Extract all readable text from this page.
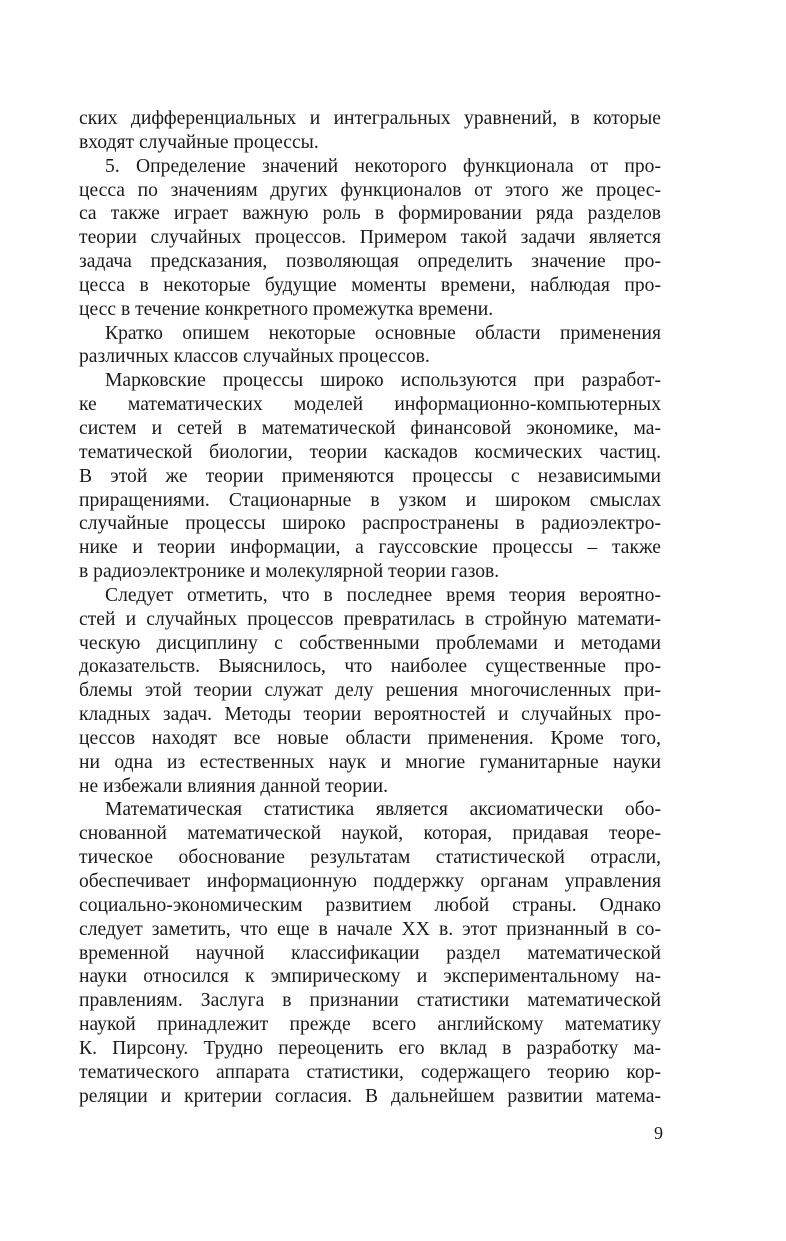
ских дифференциальных и интегральных уравнений, в которые
входят случайные процессы.
5. Определение значений некоторого функционала от про-
цесса по значениям других функционалов от этого же процес-
са также играет важную роль в формировании ряда разделов
теории случайных процессов. Примером такой задачи является
задача предсказания, позволяющая определить значение про-
цесса в некоторые будущие моменты времени, наблюдая про-
цесс в течение конкретного промежутка времени.
Кратко опишем некоторые основные области применения
различных классов случайных процессов.
Марковские процессы широко используются при разработ-
ке математических моделей информационно-компьютерных
систем и сетей в математической финансовой экономике, ма-
тематической биологии, теории каскадов космических частиц.
В этой же теории применяются процессы с независимыми
приращениями. Стационарные в узком и широком смыслах
случайные процессы широко распространены в радиоэлектро-
нике и теории информации, а гауссовские процессы – также
в радиоэлектронике и молекулярной теории газов.
Следует отметить, что в последнее время теория вероятно-
стей и случайных процессов превратилась в стройную математи-
ческую дисциплину с собственными проблемами и методами
доказательств. Выяснилось, что наиболее существенные про-
блемы этой теории служат делу решения многочисленных при-
кладных задач. Методы теории вероятностей и случайных про-
цессов находят все новые области применения. Кроме того,
ни одна из естественных наук и многие гуманитарные науки
не избежали влияния данной теории.
Математическая статистика является аксиоматически обо-
снованной математической наукой, которая, придавая теоре-
тическое обоснование результатам статистической отрасли,
обеспечивает информационную поддержку органам управления
социально-экономическим развитием любой страны. Однако
следует заметить, что еще в начале XX в. этот признанный в со-
временной научной классификации раздел математической
науки относился к эмпирическому и экспериментальному на-
правлениям. Заслуга в признании статистики математической
наукой принадлежит прежде всего английскому математику
К. Пирсону. Трудно переоценить его вклад в разработку ма-
тематического аппарата статистики, содержащего теорию кор-
реляции и критерии согласия. В дальнейшем развитии матема-
9
